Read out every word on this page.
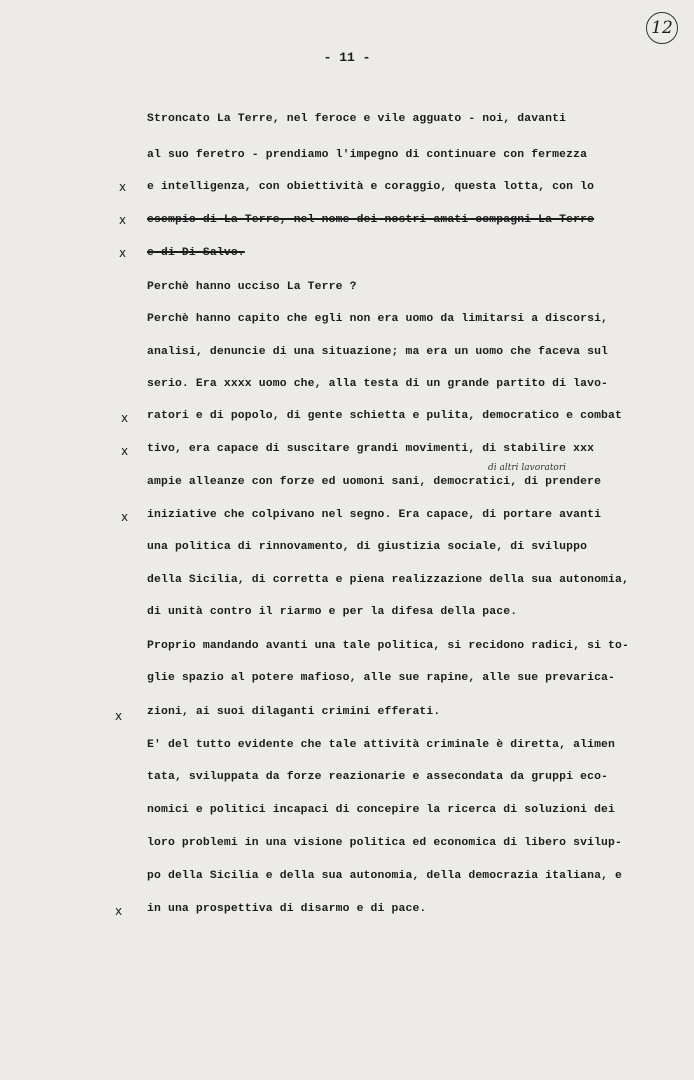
12
- 11 -
Stroncato La Terre, nel feroce e vile agguato - noi, davanti
al suo feretro - prendiamo l'impegno di continuare con fermezza
x e intelligenza, con obiettività e coraggio, questa lotta, con lo
x esempio di La Terre, nel nome dei nostri amati compagni La Terre
e di Di Salvo.
Perchè hanno ucciso La Terre ?
Perchè hanno capito che egli non era uomo da limitarsi a discorsi,
analisi, denuncie di una situazione; ma era un uomo che faceva sul
serio. Era xxxx uomo che, alla testa di un grande partito di lavo-
x ratori e di popolo, di gente schietta e pulita, democratico e combat
x tivo, era capace di suscitare grandi movimenti, di stabilire xxx
di altri lavoratori
ampie alleanze con forze ed uomoni sani, democratici, di prendere
x iniziative che colpivano nel segno. Era capace, di portare avanti
una politica di rinnovamento, di giustizia sociale, di sviluppo
della Sicilia, di corretta e piena realizzazione della sua autonomia,
di unità contro il riarmo e per la difesa della pace.
Proprio mandando avanti una tale politica, si recidono radici, si to-
glie spazio al potere mafioso, alle sue rapine, alle sue prevarica-
x zioni, ai suoi dilaganti crimini efferati.
E' del tutto evidente che tale attività criminale è diretta, alimen
tata, sviluppata da forze reazionarie e assecondata da gruppi eco-
nomici e politici incapaci di concepire la ricerca di soluzioni dei
loro problemi in una visione politica ed economica di libero svilup-
po della Sicilia e della sua autonomia, della democrazia italiana, e
x in una prospettiva di disarmo e di pace.
x
